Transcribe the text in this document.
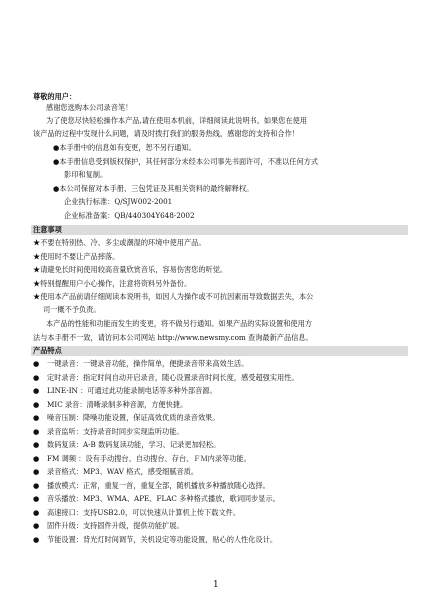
尊敬的用户：
感谢您选购本公司录音笔！
为了使您尽快轻松操作本产品,请在使用本机前，详细阅读此说明书。如果您在使用
该产品的过程中发现什么问题，请及时拨打我们的服务热线，感谢您的支持和合作！
●本手册中的信息如有变更，恕不另行通知。
●本手册信息受到版权保护，其任何部分未经本公司事先书面许可，不准以任何方式
影印和复制。
●本公司保留对本手册、三包凭证及其相关资料的最终解释权。
企业执行标准：Q/SJW002-2001
企业标准备案：QB/440304Y648-2002
注意事项
★不要在特别热、冷、多尘或潮湿的环境中使用产品。
★使用时不要让产品摔落。
★请避免长时间使用较高音量欣赏音乐，容易伤害您的听觉。
★特别提醒用户小心操作，注意将资料另外备份。
★使用本产品前请仔细阅读本说明书，如因人为操作或不可抗因素而导致数据丢失，本公
司一概不予负责。
本产品的性能和功能而发生的变更，将不做另行通知。如果产品的实际设置和使用方
法与本手册不一致，请访问本公司网站 http://www.newsmy.com 查询最新产品信息。
产品特点
● 一键录音：一键录音功能，操作简单，便捷录音带来高效生活。
● 定时录音：指定时间自动开启录音，随心设置录音时间长度，感受超强实用性。
● LINE-IN ：可通过此功能录制电话等多种外部音源。
● MIC 录音：清晰录制多种音源，方便快捷。
● 噪音压制：降噪功能设置，保证高效优质的录音效果。
● 录音监听：支持录音时同步实现监听功能。
● 数码复读：A-B 数码复读功能，学习、记录更加轻松。
● FM 调频 ：设有手动搜台、自动搜台、存台、ＦＭ内录等功能。
● 录音格式：MP3、WAV 格式，感受细腻音质。
● 播放模式：正常，重复一首，重复全部，随机播放多种播放随心选择。
● 音乐播放：MP3、WMA、APE、FLAC 多种格式播放，歌词同步显示。
● 高速接口：支持USB2.0，可以快速从计算机上传下载文件。
● 固件升级：支持固件升级，提供功能扩展。
● 节能设置：背光灯时间调节，关机设定等功能设置，贴心的人性化设计。
1
